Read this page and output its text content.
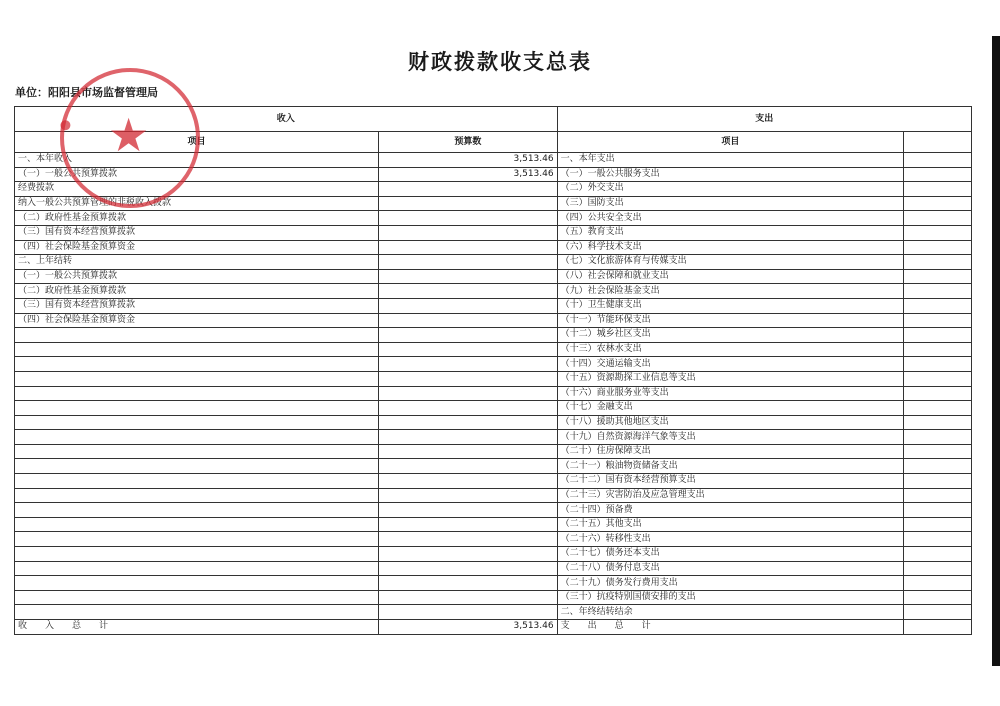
财政拨款收支总表
单位：阳阳县市场监督管理局
收入		支出	
项目	预算数	项目	
一、本年收入	3,513.46	一、本年支出	
（一）一般公共预算拨款	3,513.46	（一）一般公共服务支出	
经费拨款		（二）外交支出	
纳入一般公共预算管理的非税收入拨款		（三）国防支出	
（二）政府性基金预算拨款		（四）公共安全支出	
（三）国有资本经营预算拨款		（五）教育支出	
（四）社会保险基金预算资金		（六）科学技术支出	
二、上年结转		（七）文化旅游体育与传媒支出	
（一）一般公共预算拨款		（八）社会保障和就业支出	
（二）政府性基金预算拨款		（九）社会保险基金支出	
（三）国有资本经营预算拨款		（十）卫生健康支出	
（四）社会保险基金预算资金		（十一）节能环保支出	
		（十二）城乡社区支出	
		（十三）农林水支出	
		（十四）交通运输支出	
		（十五）资源勘探工业信息等支出	
		（十六）商业服务业等支出	
		（十七）金融支出	
		（十八）援助其他地区支出	
		（十九）自然资源海洋气象等支出	
		（二十）住房保障支出	
		（二十一）粮油物资储备支出	
		（二十二）国有资本经营预算支出	
		（二十三）灾害防治及应急管理支出	
		（二十四）预备费	
		（二十五）其他支出	
		（二十六）转移性支出	
		（二十七）债务还本支出	
		（二十八）债务付息支出	
		（二十九）债务发行费用支出	
		（三十）抗疫特别国债安排的支出	
		二、年终结转结余	
收入总计	3,513.46	支出总计	
● ★
